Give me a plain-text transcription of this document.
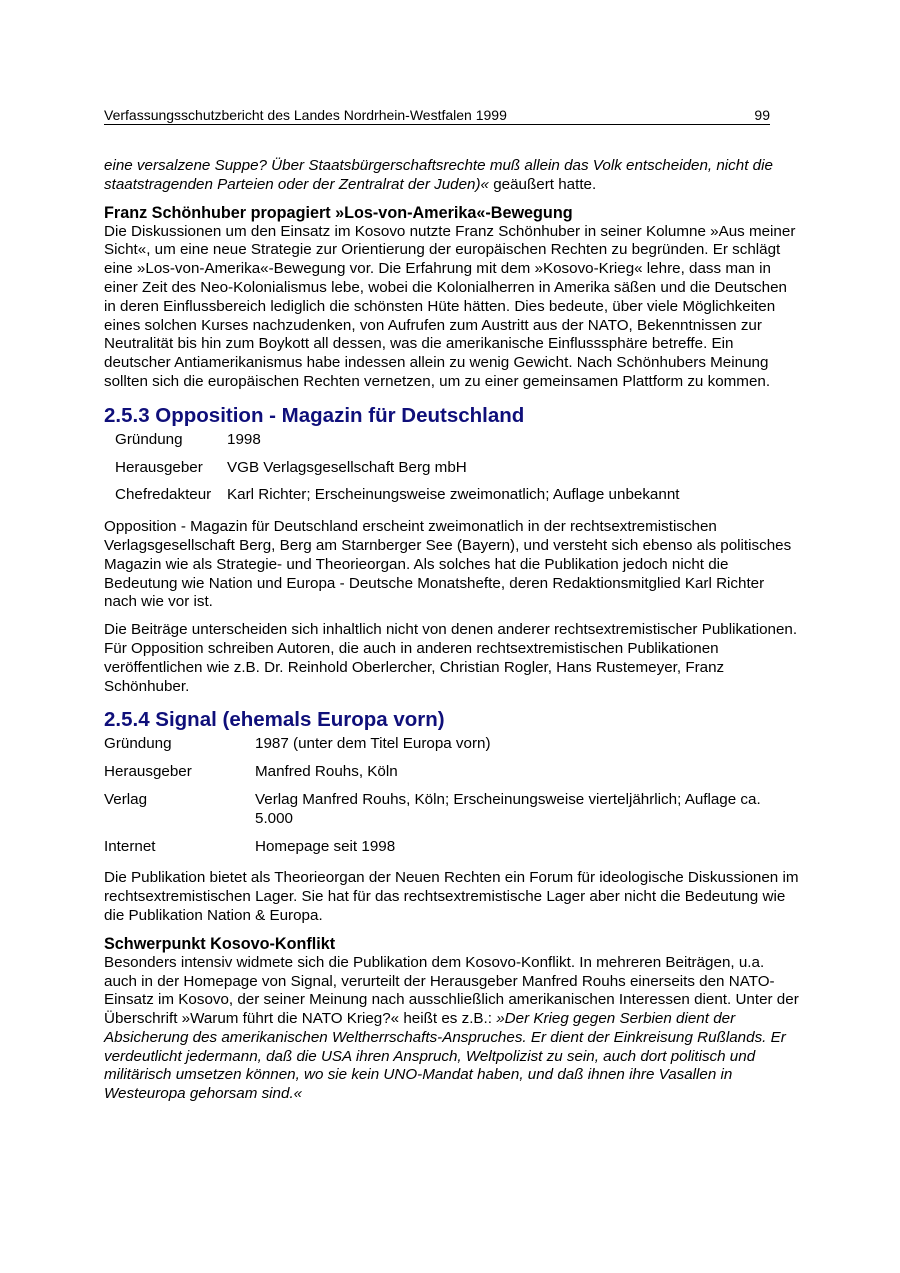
Verfassungsschutzbericht des Landes Nordrhein-Westfalen 1999	99

eine versalzene Suppe? Über Staatsbürgerschaftsrechte muß allein das Volk entscheiden, nicht die staatstragenden Parteien oder der Zentralrat der Juden)« geäußert hatte.

Franz Schönhuber propagiert »Los-von-Amerika«-Bewegung

Die Diskussionen um den Einsatz im Kosovo nutzte Franz Schönhuber in seiner Kolumne »Aus meiner Sicht«, um eine neue Strategie zur Orientierung der europäischen Rechten zu begründen. Er schlägt eine »Los-von-Amerika«-Bewegung vor. Die Erfahrung mit dem »Kosovo-Krieg« lehre, dass man in einer Zeit des Neo-Kolonialismus lebe, wobei die Kolonialherren in Amerika säßen und die Deutschen in deren Einflussbereich lediglich die schönsten Hüte hätten. Dies bedeute, über viele Möglichkeiten eines solchen Kurses nachzudenken, von Aufrufen zum Austritt aus der NATO, Bekenntnissen zur Neutralität bis hin zum Boykott all dessen, was die amerikanische Einflusssphäre betreffe. Ein deutscher Antiamerikanismus habe indessen allein zu wenig Gewicht. Nach Schönhubers Meinung sollten sich die europäischen Rechten vernetzen, um zu einer gemeinsamen Plattform zu kommen.

2.5.3 Opposition - Magazin für Deutschland
Gründung	1998
Herausgeber	VGB Verlagsgesellschaft Berg mbH
Chefredakteur	Karl Richter; Erscheinungsweise zweimonatlich; Auflage unbekannt

Opposition - Magazin für Deutschland erscheint zweimonatlich in der rechtsextremistischen Verlagsgesellschaft Berg, Berg am Starnberger See (Bayern), und versteht sich ebenso als politisches Magazin wie als Strategie- und Theorieorgan. Als solches hat die Publikation jedoch nicht die Bedeutung wie Nation und Europa - Deutsche Monatshefte, deren Redaktionsmitglied Karl Richter nach wie vor ist.

Die Beiträge unterscheiden sich inhaltlich nicht von denen anderer rechtsextremistischer Publikationen. Für Opposition schreiben Autoren, die auch in anderen rechtsextremistischen Publikationen veröffentlichen wie z.B. Dr. Reinhold Oberlercher, Christian Rogler, Hans Rustemeyer, Franz Schönhuber.

2.5.4 Signal (ehemals Europa vorn)
Gründung	1987 (unter dem Titel Europa vorn)
Herausgeber	Manfred Rouhs, Köln
Verlag	Verlag Manfred Rouhs, Köln; Erscheinungsweise vierteljährlich; Auflage ca. 5.000
Internet	Homepage seit 1998

Die Publikation bietet als Theorieorgan der Neuen Rechten ein Forum für ideologische Diskussionen im rechtsextremistischen Lager. Sie hat für das rechtsextremistische Lager aber nicht die Bedeutung wie die Publikation Nation & Europa.

Schwerpunkt Kosovo-Konflikt

Besonders intensiv widmete sich die Publikation dem Kosovo-Konflikt. In mehreren Beiträgen, u.a. auch in der Homepage von Signal, verurteilt der Herausgeber Manfred Rouhs einerseits den NATO-Einsatz im Kosovo, der seiner Meinung nach ausschließlich amerikanischen Interessen dient. Unter der Überschrift »Warum führt die NATO Krieg?« heißt es z.B.: »Der Krieg gegen Serbien dient der Absicherung des amerikanischen Weltherrschafts-Anspruches. Er dient der Einkreisung Rußlands. Er verdeutlicht jedermann, daß die USA ihren Anspruch, Weltpolizist zu sein, auch dort politisch und militärisch umsetzen können, wo sie kein UNO-Mandat haben, und daß ihnen ihre Vasallen in Westeuropa gehorsam sind.«
